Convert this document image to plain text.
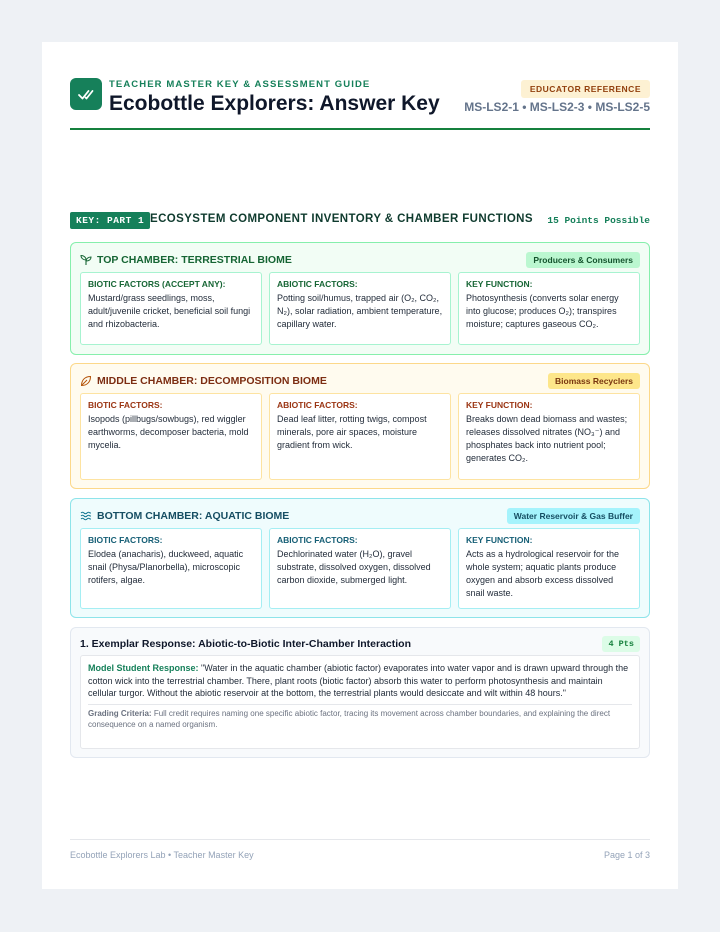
TEACHER MASTER KEY & ASSESSMENT GUIDE
Ecobottle Explorers: Answer Key
EDUCATOR REFERENCE
MS-LS2-1 • MS-LS2-3 • MS-LS2-5
KEY: PART 1 ECOSYSTEM COMPONENT INVENTORY & CHAMBER FUNCTIONS 15 Points Possible
TOP CHAMBER: TERRESTRIAL BIOME	Producers & Consumers
BIOTIC FACTORS (ACCEPT ANY):
Mustard/grass seedlings, moss, adult/juvenile cricket, beneficial soil fungi and rhizobacteria.
ABIOTIC FACTORS:
Potting soil/humus, trapped air (O₂, CO₂, N₂), solar radiation, ambient temperature, capillary water.
KEY FUNCTION:
Photosynthesis (converts solar energy into glucose; produces O₂); transpires moisture; captures gaseous CO₂.
MIDDLE CHAMBER: DECOMPOSITION BIOME	Biomass Recyclers
BIOTIC FACTORS:
Isopods (pillbugs/sowbugs), red wiggler earthworms, decomposer bacteria, mold mycelia.
ABIOTIC FACTORS:
Dead leaf litter, rotting twigs, compost minerals, pore air spaces, moisture gradient from wick.
KEY FUNCTION:
Breaks down dead biomass and wastes; releases dissolved nitrates (NO₃⁻) and phosphates back into nutrient pool; generates CO₂.
BOTTOM CHAMBER: AQUATIC BIOME	Water Reservoir & Gas Buffer
BIOTIC FACTORS:
Elodea (anacharis), duckweed, aquatic snail (Physa/Planorbella), microscopic rotifers, algae.
ABIOTIC FACTORS:
Dechlorinated water (H₂O), gravel substrate, dissolved oxygen, dissolved carbon dioxide, submerged light.
KEY FUNCTION:
Acts as a hydrological reservoir for the whole system; aquatic plants produce oxygen and absorb excess dissolved snail waste.
1. Exemplar Response: Abiotic-to-Biotic Inter-Chamber Interaction	4 Pts
Model Student Response: "Water in the aquatic chamber (abiotic factor) evaporates into water vapor and is drawn upward through the cotton wick into the terrestrial chamber. There, plant roots (biotic factor) absorb this water to perform photosynthesis and maintain cellular turgor. Without the abiotic reservoir at the bottom, the terrestrial plants would desiccate and wilt within 48 hours."
Grading Criteria: Full credit requires naming one specific abiotic factor, tracing its movement across chamber boundaries, and explaining the direct consequence on a named organism.
Ecobottle Explorers Lab • Teacher Master Key	Page 1 of 3
